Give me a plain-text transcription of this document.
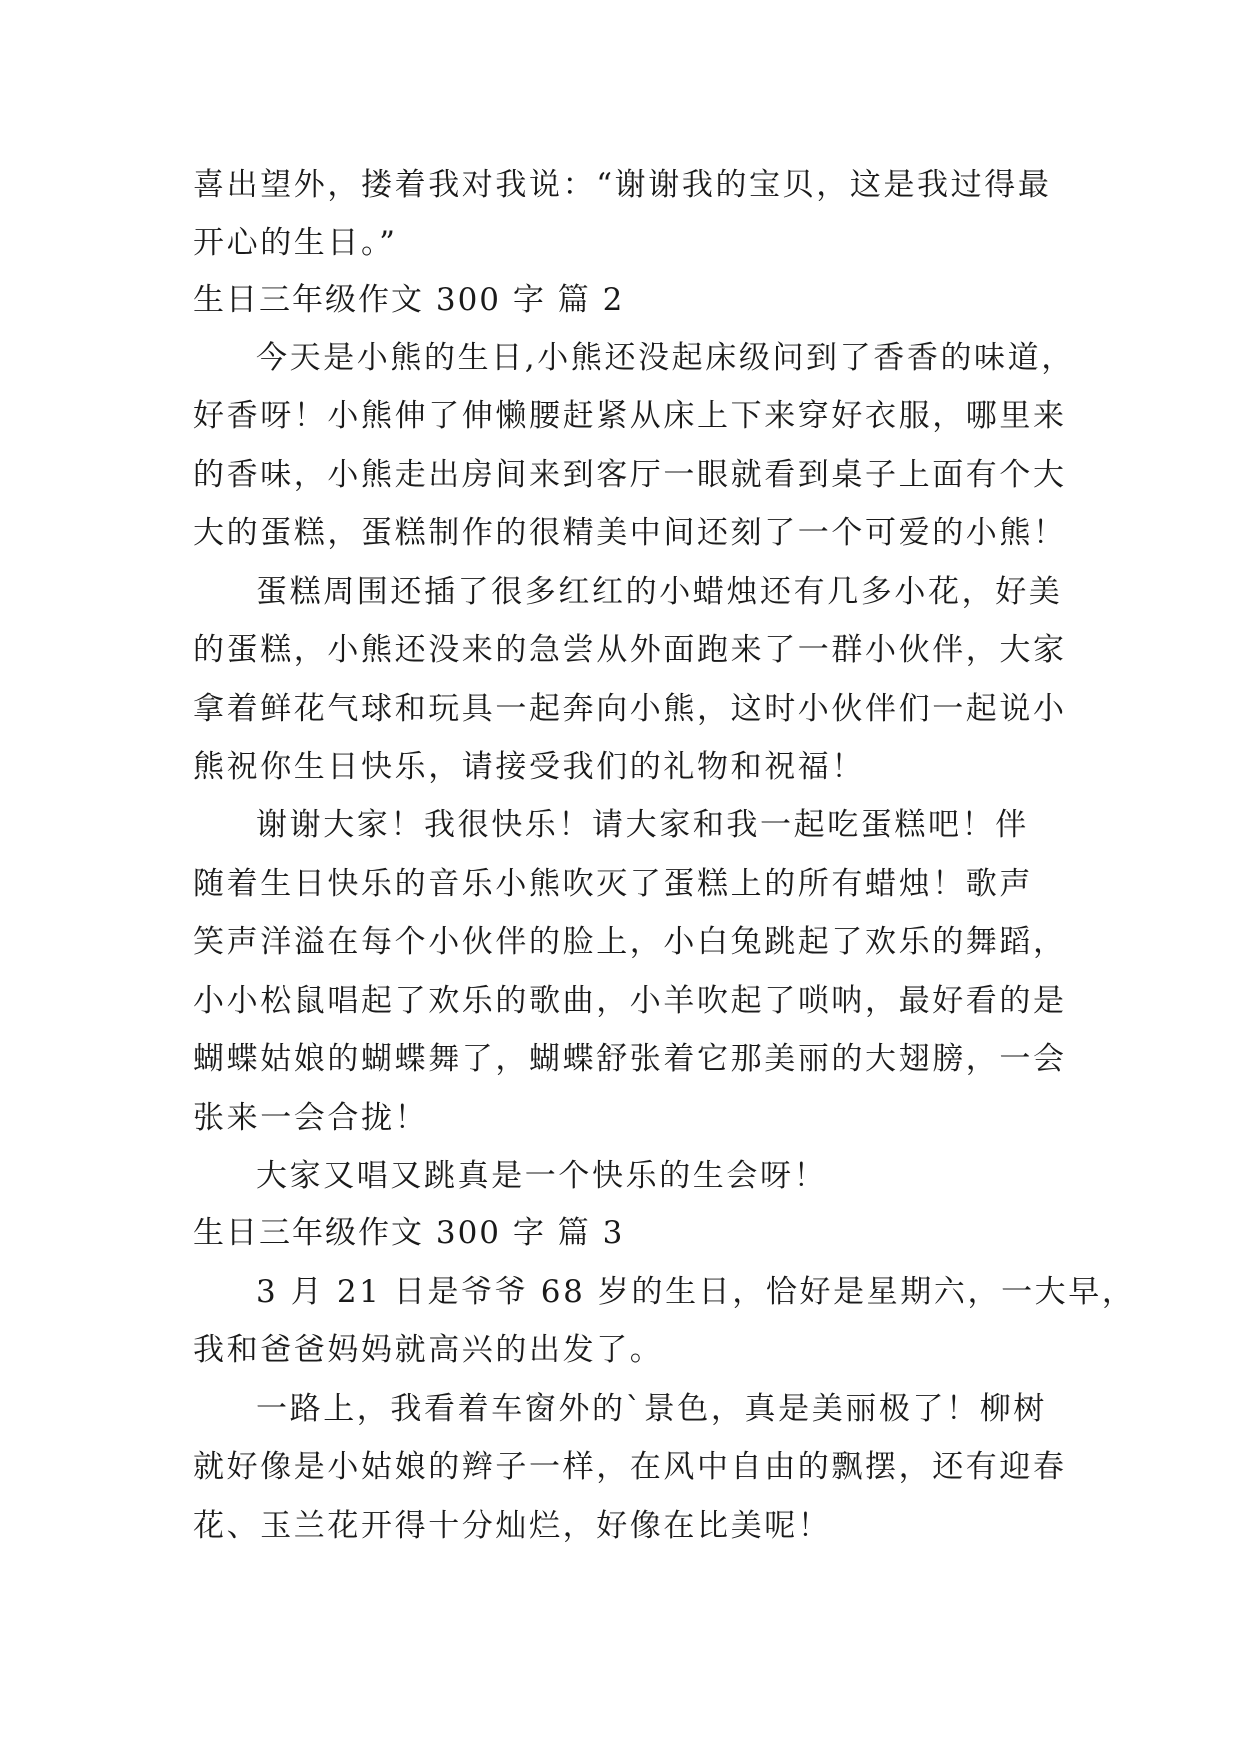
喜出望外，搂着我对我说：“谢谢我的宝贝，这是我过得最
开心的生日。”
生日三年级作文 300 字 篇 2
今天是小熊的生日,小熊还没起床级问到了香香的味道，
好香呀！小熊伸了伸懒腰赶紧从床上下来穿好衣服，哪里来
的香味，小熊走出房间来到客厅一眼就看到桌子上面有个大
大的蛋糕，蛋糕制作的很精美中间还刻了一个可爱的小熊！
蛋糕周围还插了很多红红的小蜡烛还有几多小花，好美
的蛋糕，小熊还没来的急尝从外面跑来了一群小伙伴，大家
拿着鲜花气球和玩具一起奔向小熊，这时小伙伴们一起说小
熊祝你生日快乐，请接受我们的礼物和祝福！
谢谢大家！我很快乐！请大家和我一起吃蛋糕吧！伴
随着生日快乐的音乐小熊吹灭了蛋糕上的所有蜡烛！歌声
笑声洋溢在每个小伙伴的脸上，小白兔跳起了欢乐的舞蹈，
小小松鼠唱起了欢乐的歌曲，小羊吹起了唢呐，最好看的是
蝴蝶姑娘的蝴蝶舞了，蝴蝶舒张着它那美丽的大翅膀，一会
张来一会合拢！
大家又唱又跳真是一个快乐的生会呀！
生日三年级作文 300 字 篇 3
3 月 21 日是爷爷 68 岁的生日，恰好是星期六，一大早，
我和爸爸妈妈就高兴的出发了。
一路上，我看着车窗外的`景色，真是美丽极了！柳树
就好像是小姑娘的辫子一样，在风中自由的飘摆，还有迎春
花、玉兰花开得十分灿烂，好像在比美呢！
